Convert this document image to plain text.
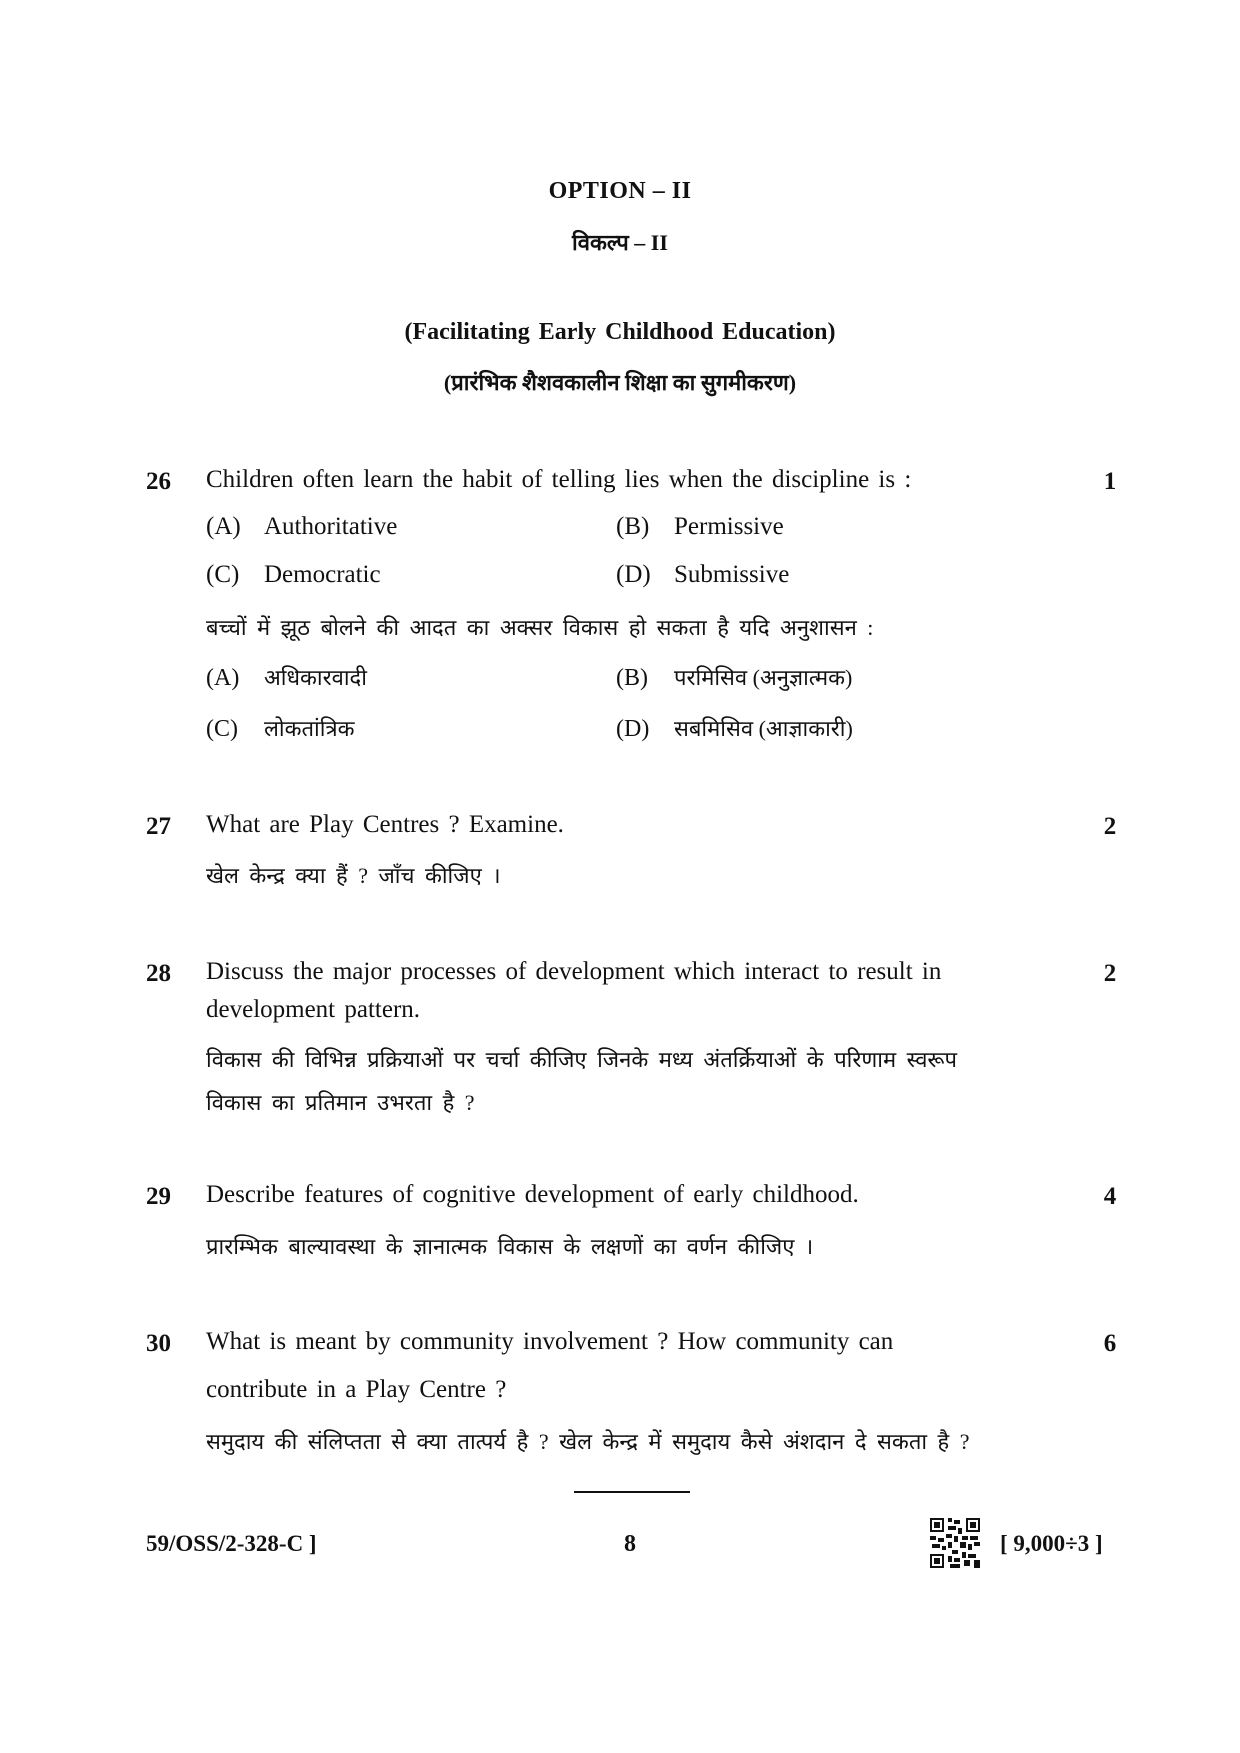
OPTION – II
विकल्प – II
(Facilitating Early Childhood Education)
(प्रारंभिक शैशवकालीन शिक्षा का सुगमीकरण)
26	1
Children often learn the habit of telling lies when the discipline is :
(A) Authoritative	(B) Permissive
(C) Democratic	(D) Submissive
बच्चों में झूठ बोलने की आदत का अक्सर विकास हो सकता है यदि अनुशासन :
(A) अधिकारवादी	(B) परमिसिव (अनुज्ञात्मक)
(C) लोकतांत्रिक	(D) सबमिसिव (आज्ञाकारी)
27	2
What are Play Centres ? Examine.
खेल केन्द्र क्या हैं ? जाँच कीजिए ।
28	2
Discuss the major processes of development which interact to result in
development pattern.
विकास की विभिन्न प्रक्रियाओं पर चर्चा कीजिए जिनके मध्य अंतर्क्रियाओं के परिणाम स्वरूप
विकास का प्रतिमान उभरता है ?
29	4
Describe features of cognitive development of early childhood.
प्रारम्भिक बाल्यावस्था के ज्ञानात्मक विकास के लक्षणों का वर्णन कीजिए ।
30	6
What is meant by community involvement ? How community can
contribute in a Play Centre ?
समुदाय की संलिप्तता से क्या तात्पर्य है ? खेल केन्द्र में समुदाय कैसे अंशदान दे सकता है ?
59/OSS/2-328-C ]	8	[ 9,000÷3 ]
